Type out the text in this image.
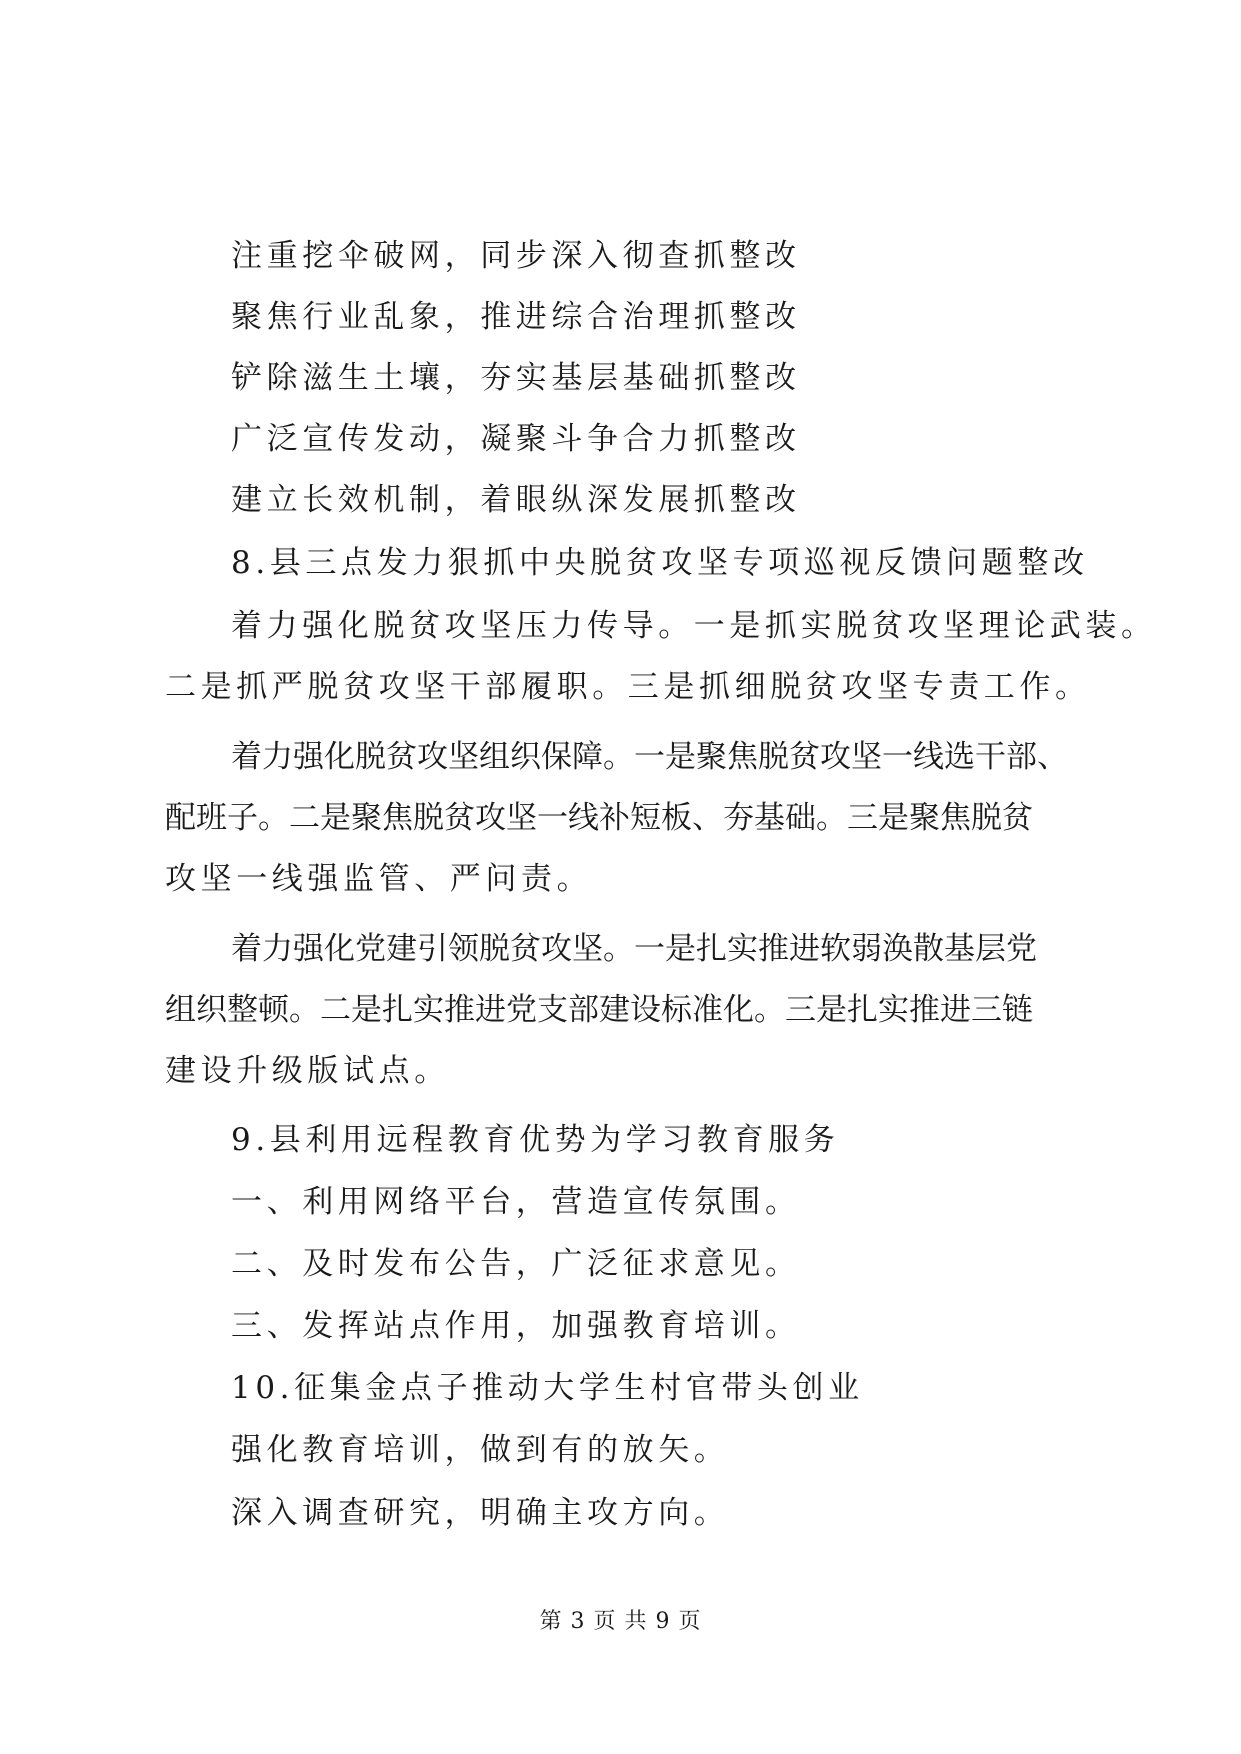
注重挖伞破网，同步深入彻查抓整改
聚焦行业乱象，推进综合治理抓整改
铲除滋生土壤，夯实基层基础抓整改
广泛宣传发动，凝聚斗争合力抓整改
建立长效机制，着眼纵深发展抓整改
8.县三点发力狠抓中央脱贫攻坚专项巡视反馈问题整改
着力强化脱贫攻坚压力传导。一是抓实脱贫攻坚理论武装。
二是抓严脱贫攻坚干部履职。三是抓细脱贫攻坚专责工作。
着力强化脱贫攻坚组织保障。一是聚焦脱贫攻坚一线选干部、
配班子。二是聚焦脱贫攻坚一线补短板、夯基础。三是聚焦脱贫
攻坚一线强监管、严问责。
着力强化党建引领脱贫攻坚。一是扎实推进软弱涣散基层党
组织整顿。二是扎实推进党支部建设标准化。三是扎实推进三链
建设升级版试点。
9.县利用远程教育优势为学习教育服务
一、利用网络平台，营造宣传氛围。
二、及时发布公告，广泛征求意见。
三、发挥站点作用，加强教育培训。
10.征集金点子推动大学生村官带头创业
强化教育培训，做到有的放矢。
深入调查研究，明确主攻方向。
第 3 页 共 9 页
